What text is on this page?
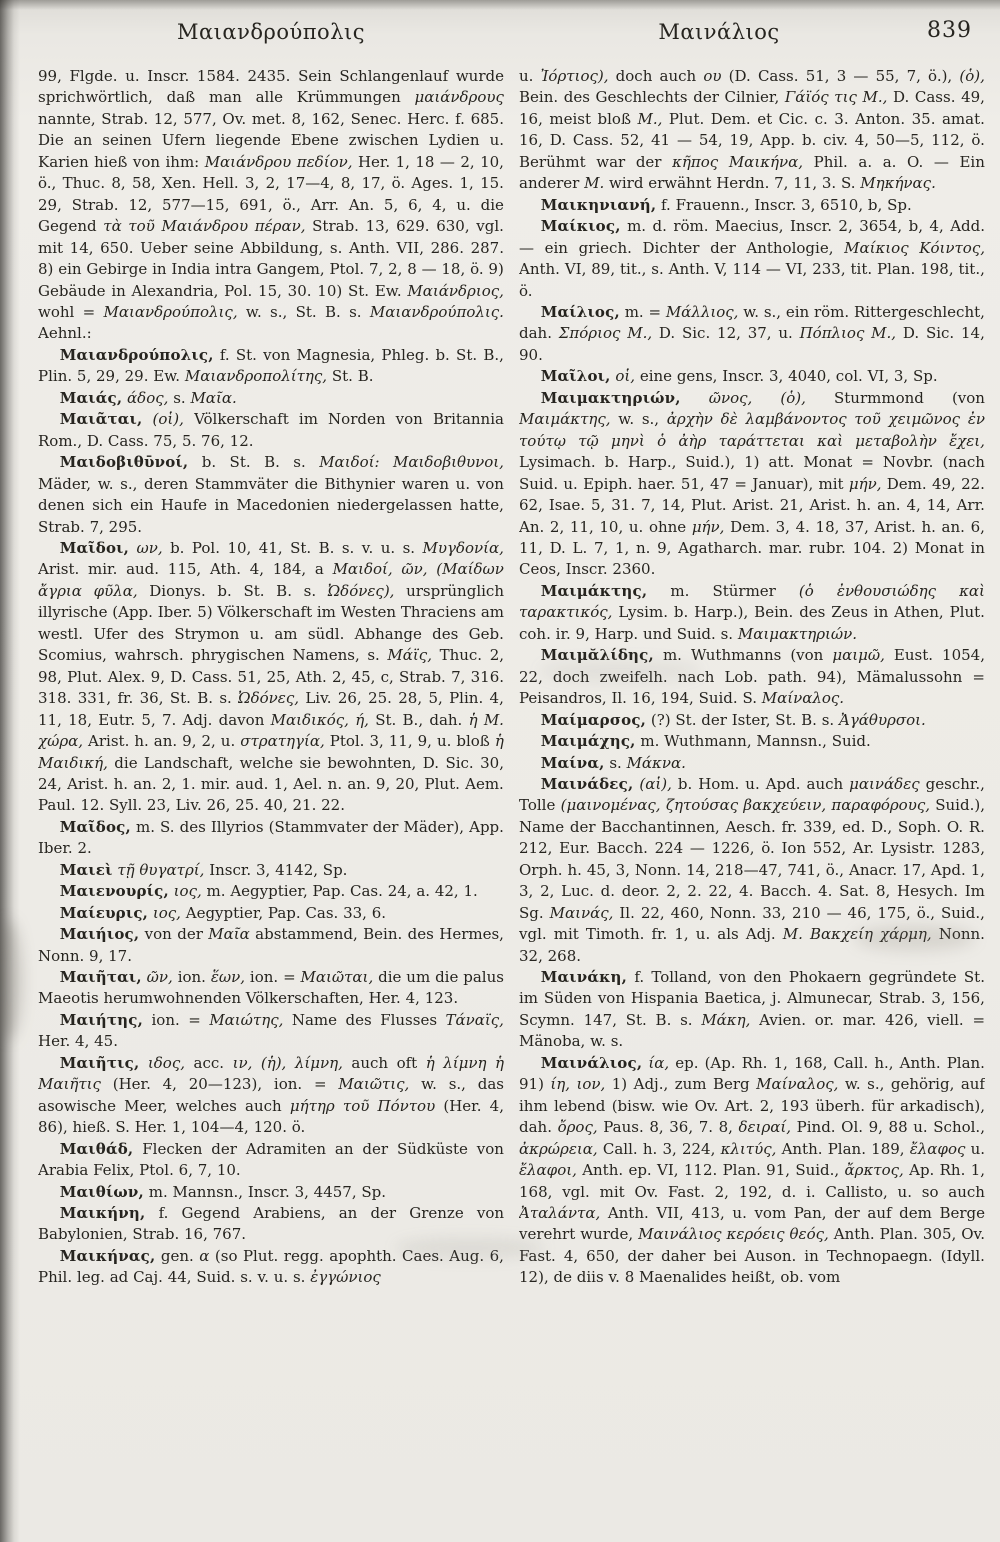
Μαιανδρούπολις	Μαινάλιος	839

99, Flgde. u. Inscr. 1584. 2435. Sein Schlangenlauf wurde sprichwörtlich, daß man alle Krümmungen μαιάνδρους nannte, Strab. 12, 577, Ov. met. 8, 162, Senec. Herc. f. 685. Die an seinen Ufern liegende Ebene zwischen Lydien u. Karien hieß von ihm: Μαιάνδρου πεδίον, Her. 1, 18 — 2, 10, ö., Thuc. 8, 58, Xen. Hell. 3, 2, 17—4, 8, 17, ö. Ages. 1, 15. 29, Strab. 12, 577—15, 691, ö., Arr. An. 5, 6, 4, u. die Gegend τὰ τοῦ Μαιάνδρου πέραν, Strab. 13, 629. 630, vgl. mit 14, 650. Ueber seine Abbildung, s. Anth. VII, 286. 287. 8) ein Gebirge in India intra Gangem, Ptol. 7, 2, 8 — 18, ö. 9) Gebäude in Alexandria, Pol. 15, 30. 10) St. Ew. Μαιάνδριος, wohl = Μαιανδρούπολις, w. s., St. B. s. Μαιανδρούπολις. Aehnl.:

Μαιανδρούπολις, f. St. von Magnesia, Phleg. b. St. B., Plin. 5, 29, 29. Ew. Μαιανδροπολίτης, St. B.

Μαιάς, άδος, s. Μαῖα.

Μαιᾶται, (οἱ), Völkerschaft im Norden von Britannia Rom., D. Cass. 75, 5. 76, 12.

Μαιδοβιθῡνοί, b. St. B. s. Μαιδοί: Μαιδοβιθυνοι, Mäder, w. s., deren Stammväter die Bithynier waren u. von denen sich ein Haufe in Macedonien niedergelassen hatte, Strab. 7, 295.

Μαῖδοι, ων, b. Pol. 10, 41, St. B. s. v. u. s. Μυγδονία, Arist. mir. aud. 115, Ath. 4, 184, a Μαιδοί, ῶν, (Μαίδων ἄγρια φῦλα, Dionys. b. St. B. s. Ὠδόνες), ursprünglich illyrische (App. Iber. 5) Völkerschaft im Westen Thraciens am westl. Ufer des Strymon u. am südl. Abhange des Geb. Scomius, wahrsch. phrygischen Namens, s. Μάϊς, Thuc. 2, 98, Plut. Alex. 9, D. Cass. 51, 25, Ath. 2, 45, c, Strab. 7, 316. 318. 331, fr. 36, St. B. s. Ὠδόνες, Liv. 26, 25. 28, 5, Plin. 4, 11, 18, Eutr. 5, 7. Adj. davon Μαιδικός, ή, St. B., dah. ἡ Μ. χώρα, Arist. h. an. 9, 2, u. στρατηγία, Ptol. 3, 11, 9, u. bloß ἡ Μαιδική, die Landschaft, welche sie bewohnten, D. Sic. 30, 24, Arist. h. an. 2, 1. mir. aud. 1, Ael. n. an. 9, 20, Plut. Aem. Paul. 12. Syll. 23, Liv. 26, 25. 40, 21. 22.

Μαῖδος, m. S. des Illyrios (Stammvater der Mäder), App. Iber. 2.

Μαιεὶ τῇ θυγατρί, Inscr. 3, 4142, Sp.

Μαιενουρίς, ιος, m. Aegyptier, Pap. Cas. 24, a. 42, 1.

Μαίευρις, ιος, Aegyptier, Pap. Cas. 33, 6.

Μαιήιος, von der Μαῖα abstammend, Bein. des Hermes, Nonn. 9, 17.

Μαιῆται, ῶν, ion. ἕων, ion. = Μαιῶται, die um die palus Maeotis herumwohnenden Völkerschaften, Her. 4, 123.

Μαιήτης, ion. = Μαιώτης, Name des Flusses Τάναϊς, Her. 4, 45.

Μαιῆτις, ιδος, acc. ιν, (ἡ), λίμνη, auch oft ἡ λίμνη ἡ Μαιῆτις (Her. 4, 20—123), ion. = Μαιῶτις, w. s., das asowische Meer, welches auch μήτηρ τοῦ Πόντου (Her. 4, 86), hieß. S. Her. 1, 104—4, 120. ö.

Μαιθάδ, Flecken der Adramiten an der Südküste von Arabia Felix, Ptol. 6, 7, 10.

Μαιθίων, m. Mannsn., Inscr. 3, 4457, Sp.

Μαικήνη, f. Gegend Arabiens, an der Grenze von Babylonien, Strab. 16, 767.

Μαικήνας, gen. α (so Plut. regg. apophth. Caes. Aug. 6, Phil. leg. ad Caj. 44, Suid. s. v. u. s. ἐγγώνιος

u. Ἰόρτιος), doch auch ου (D. Cass. 51, 3 — 55, 7, ö.), (ὁ), Bein. des Geschlechts der Cilnier, Γάϊός τις Μ., D. Cass. 49, 16, meist bloß Μ., Plut. Dem. et Cic. c. 3. Anton. 35. amat. 16, D. Cass. 52, 41 — 54, 19, App. b. civ. 4, 50—5, 112, ö. Berühmt war der κῆπος Μαικήνα, Phil. a. a. O. — Ein anderer Μ. wird erwähnt Herdn. 7, 11, 3. S. Μηκήνας.

Μαικηνιανή, f. Frauenn., Inscr. 3, 6510, b, Sp.

Μαίκιος, m. d. röm. Maecius, Inscr. 2, 3654, b, 4, Add. — ein griech. Dichter der Anthologie, Μαίκιος Κόιντος, Anth. VI, 89, tit., s. Anth. V, 114 — VI, 233, tit. Plan. 198, tit., ö.

Μαίλιος, m. = Μάλλιος, w. s., ein röm. Rittergeschlecht, dah. Σπόριος Μ., D. Sic. 12, 37, u. Πόπλιος Μ., D. Sic. 14, 90.

Μαῖλοι, οἱ, eine gens, Inscr. 3, 4040, col. VI, 3, Sp.

Μαιμακτηριών, ῶνος, (ὁ), Sturmmond (von Μαιμάκτης, w. s., ἀρχὴν δὲ λαμβάνοντος τοῦ χειμῶνος ἐν τούτῳ τῷ μηνὶ ὁ ἀὴρ ταράττεται καὶ μεταβολὴν ἔχει, Lysimach. b. Harp., Suid.), 1) att. Monat = Novbr. (nach Suid. u. Epiph. haer. 51, 47 = Januar), mit μήν, Dem. 49, 22. 62, Isae. 5, 31. 7, 14, Plut. Arist. 21, Arist. h. an. 4, 14, Arr. An. 2, 11, 10, u. ohne μήν, Dem. 3, 4. 18, 37, Arist. h. an. 6, 11, D. L. 7, 1, n. 9, Agatharch. mar. rubr. 104. 2) Monat in Ceos, Inscr. 2360.

Μαιμάκτης, m. Stürmer (ὁ ἐνθουσιώδης καὶ ταρακτικός, Lysim. b. Harp.), Bein. des Zeus in Athen, Plut. coh. ir. 9, Harp. und Suid. s. Μαιμακτηριών.

Μαιμᾰλίδης, m. Wuthmanns (von μαιμῶ, Eust. 1054, 22, doch zweifelh. nach Lob. path. 94), Mämalussohn = Peisandros, Il. 16, 194, Suid. S. Μαίναλος.

Μαίμαρσος, (?) St. der Ister, St. B. s. Ἀγάθυρσοι.

Μαιμάχης, m. Wuthmann, Mannsn., Suid.

Μαίνα, s. Μάκνα.

Μαινάδες, (αἱ), b. Hom. u. Apd. auch μαινάδες geschr., Tolle (μαινομένας, ζητούσας βακχεύειν, παραφόρους, Suid.), Name der Bacchantinnen, Aesch. fr. 339, ed. D., Soph. O. R. 212, Eur. Bacch. 224 — 1226, ö. Ion 552, Ar. Lysistr. 1283, Orph. h. 45, 3, Nonn. 14, 218—47, 741, ö., Anacr. 17, Apd. 1, 3, 2, Luc. d. deor. 2, 2. 22, 4. Bacch. 4. Sat. 8, Hesych. Im Sg. Μαινάς, Il. 22, 460, Nonn. 33, 210 — 46, 175, ö., Suid., vgl. mit Timoth. fr. 1, u. als Adj. Μ. Βακχείη χάρμη, Nonn. 32, 268.

Μαινάκη, f. Tolland, von den Phokaern gegründete St. im Süden von Hispania Baetica, j. Almunecar, Strab. 3, 156, Scymn. 147, St. B. s. Μάκη, Avien. or. mar. 426, viell. = Mänoba, w. s.

Μαινάλιος, ία, ep. (Ap. Rh. 1, 168, Call. h., Anth. Plan. 91) ίη, ιον, 1) Adj., zum Berg Μαίναλος, w. s., gehörig, auf ihm lebend (bisw. wie Ov. Art. 2, 193 überh. für arkadisch), dah. ὄρος, Paus. 8, 36, 7. 8, δειραί, Pind. Ol. 9, 88 u. Schol., ἀκρώρεια, Call. h. 3, 224, κλιτύς, Anth. Plan. 189, ἔλαφος u. ἔλαφοι, Anth. ep. VI, 112. Plan. 91, Suid., ἄρκτος, Ap. Rh. 1, 168, vgl. mit Ov. Fast. 2, 192, d. i. Callisto, u. so auch Ἀταλάντα, Anth. VII, 413, u. vom Pan, der auf dem Berge verehrt wurde, Μαινάλιος κερόεις θεός, Anth. Plan. 305, Ov. Fast. 4, 650, der daher bei Auson. in Technopaegn. (Idyll. 12), de diis v. 8 Maenalides heißt, ob. vom
